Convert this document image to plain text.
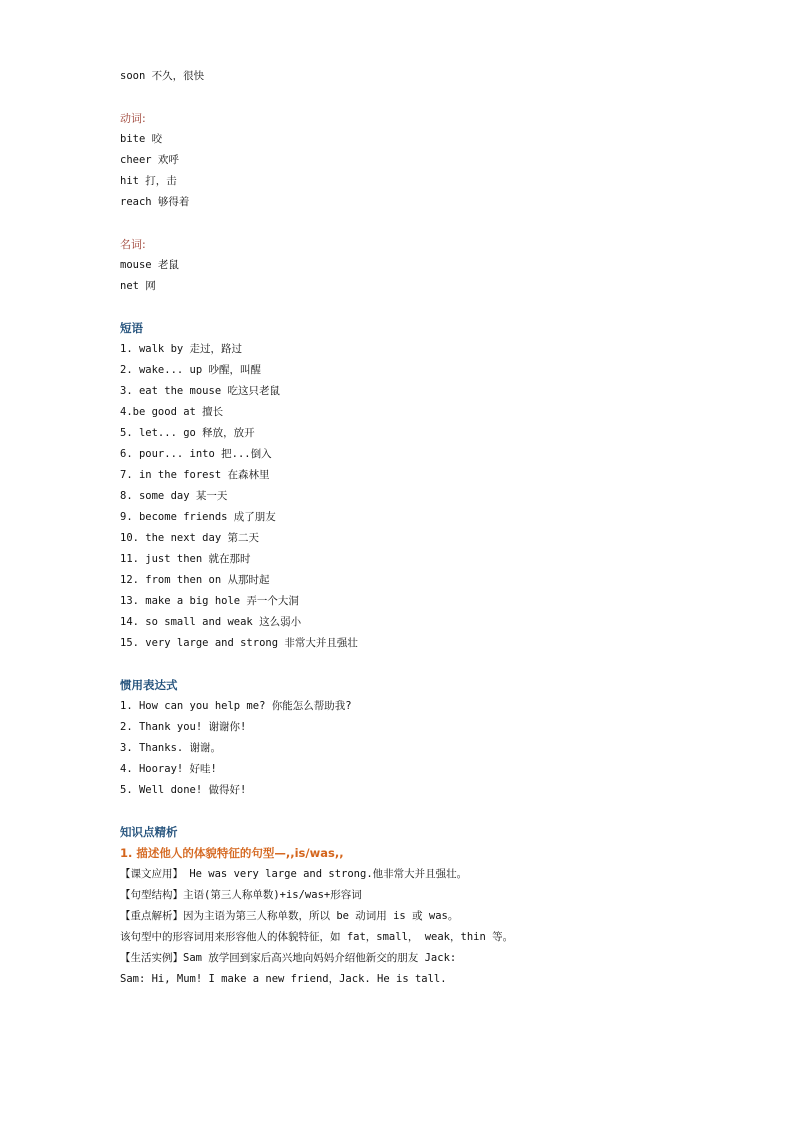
soon 不久，很快
动词:
bite 咬
cheer 欢呼
hit 打，击
reach 够得着
名词:
mouse 老鼠
net 网
短语
1. walk by 走过，路过
2. wake... up 吵醒，叫醒
3. eat the mouse 吃这只老鼠
4.be good at 擅长
5. let... go 释放，放开
6. pour... into 把...倒入
7. in the forest 在森林里
8. some day 某一天
9. become friends 成了朋友
10. the next day 第二天
11. just then 就在那时
12. from then on 从那时起
13. make a big hole 弄一个大洞
14. so small and weak 这么弱小
15. very large and strong 非常大并且强壮
惯用表达式
1. How can you help me? 你能怎么帮助我?
2. Thank you! 谢谢你!
3. Thanks. 谢谢。
4. Hooray! 好哇!
5. Well done! 做得好!
知识点精析
1. 描述他人的体貌特征的句型—,,is/was,,
【课文应用】 He was very large and strong.他非常大并且强壮。
【句型结构】主语(第三人称单数)+is/was+形容词
【重点解析】因为主语为第三人称单数，所以 be 动词用 is 或 was。
该句型中的形容词用来形容他人的体貌特征，如 fat，small， weak，thin 等。
【生活实例】Sam 放学回到家后高兴地向妈妈介绍他新交的朋友 Jack:
Sam: Hi, Mum! I make a new friend，Jack. He is tall.
